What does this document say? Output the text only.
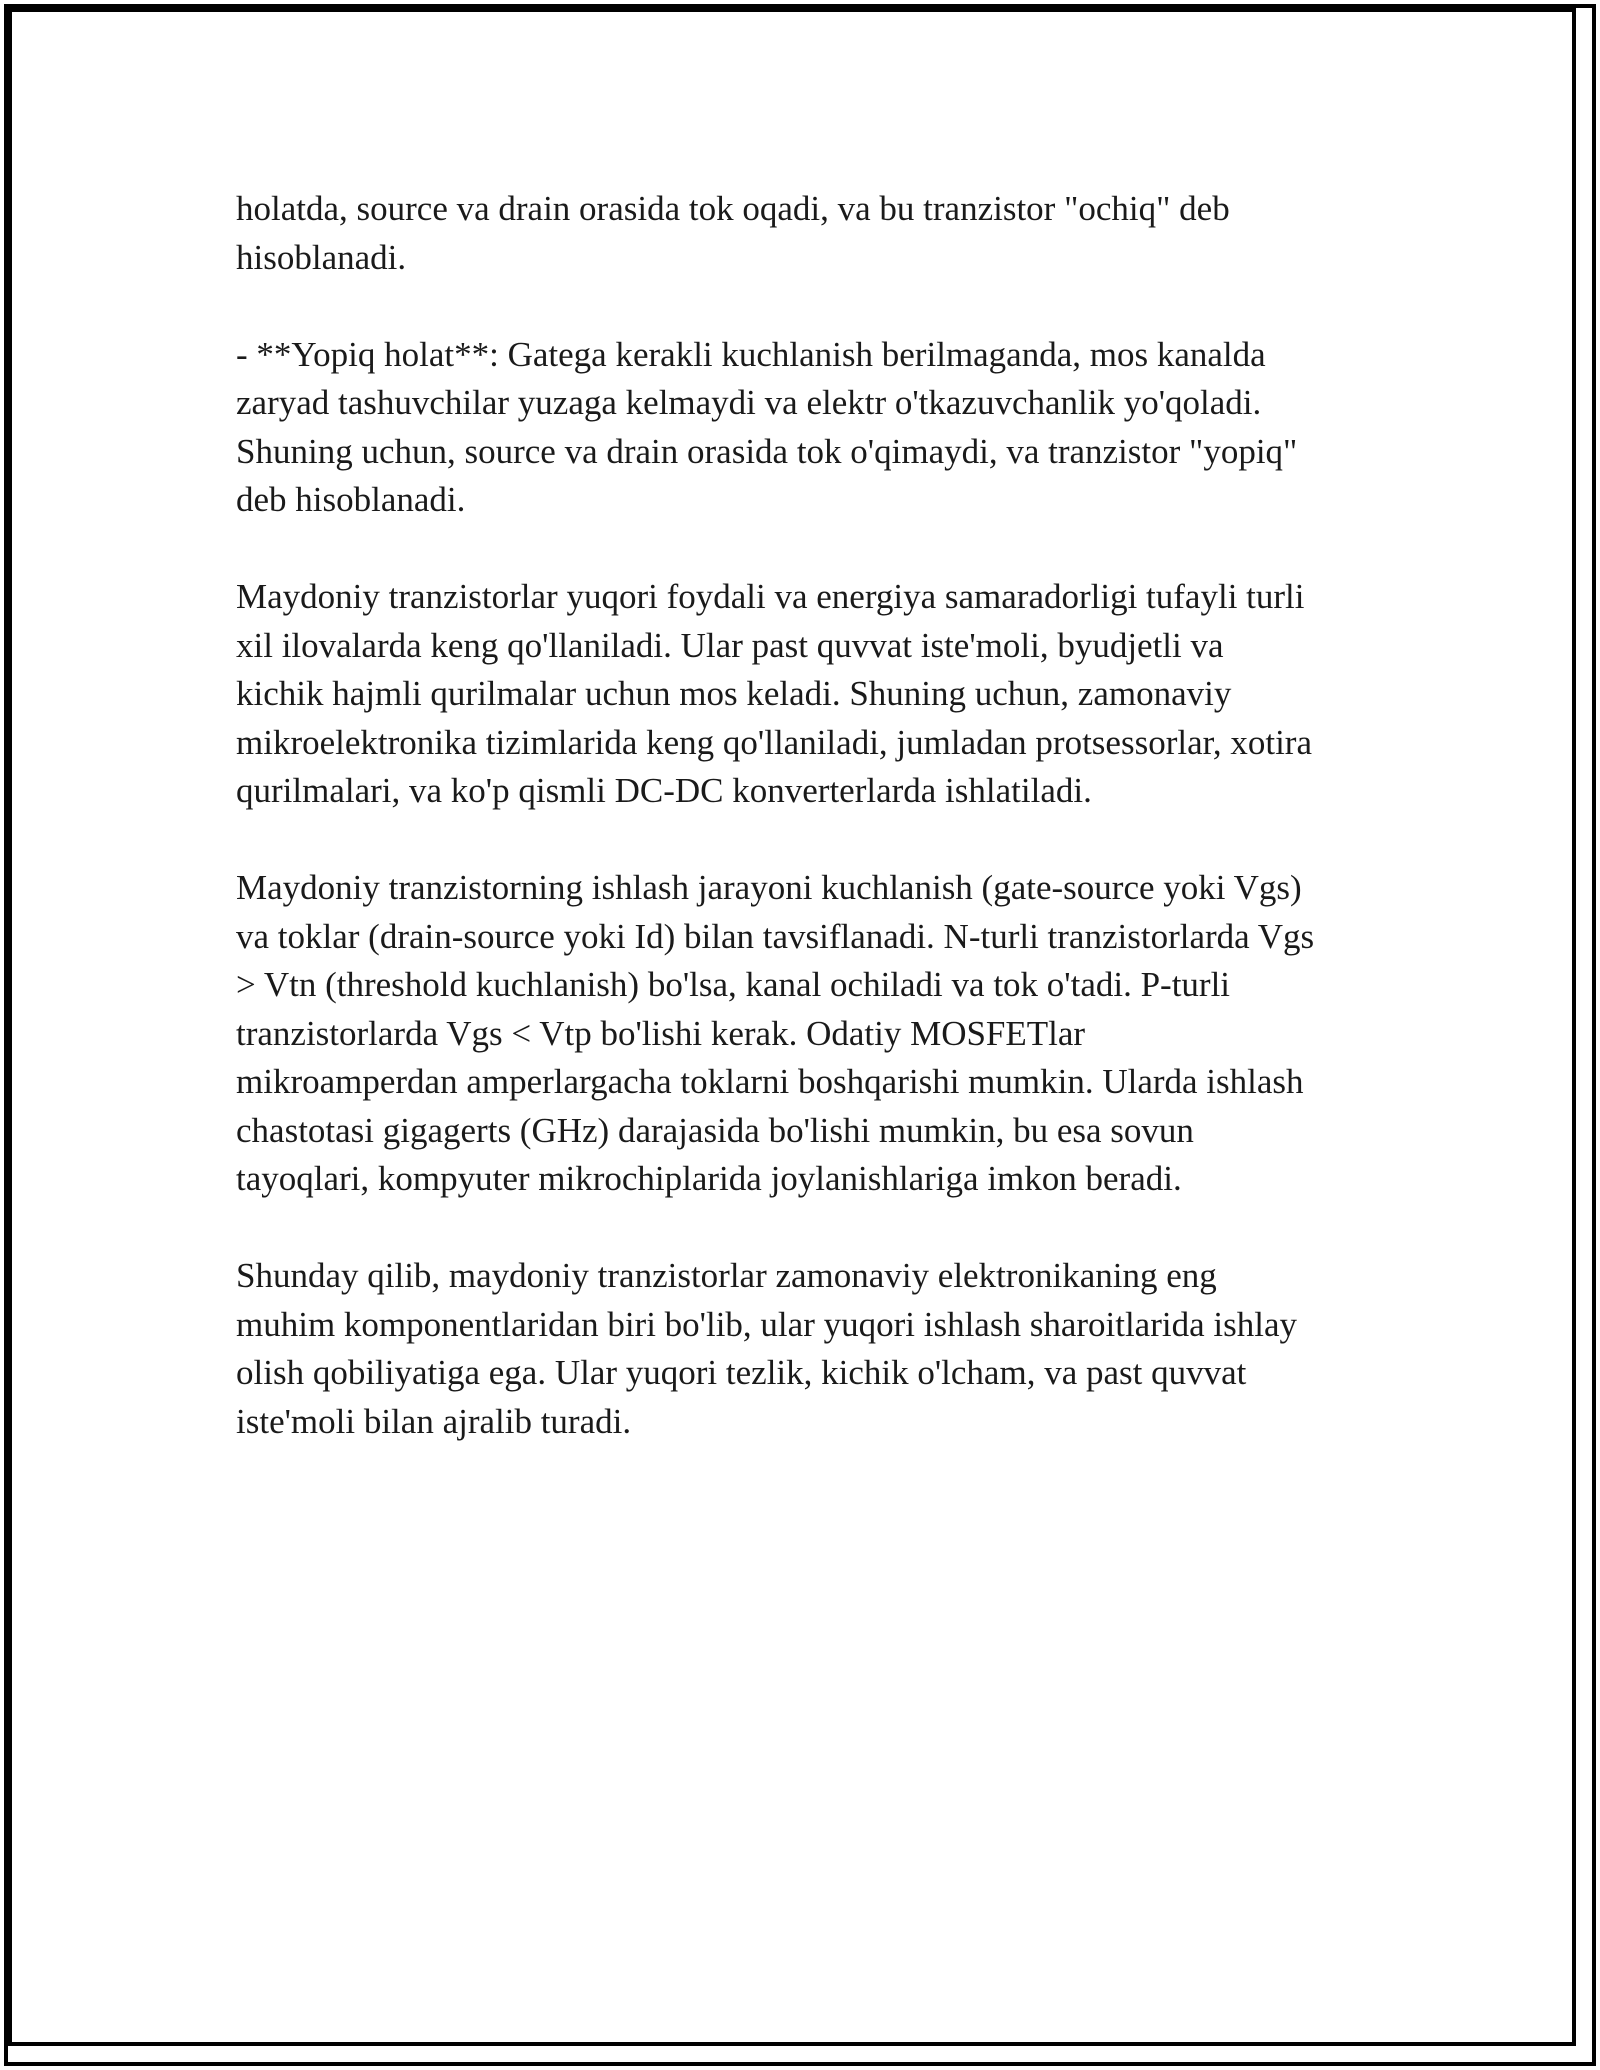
holatda, source va drain orasida tok oqadi, va bu tranzistor "ochiq" deb
hisoblanadi.

- **Yopiq holat**: Gatega kerakli kuchlanish berilmaganda, mos kanalda
zaryad tashuvchilar yuzaga kelmaydi va elektr o'tkazuvchanlik yo'qoladi.
Shuning uchun, source va drain orasida tok o'qimaydi, va tranzistor "yopiq"
deb hisoblanadi.

Maydoniy tranzistorlar yuqori foydali va energiya samaradorligi tufayli turli
xil ilovalarda keng qo'llaniladi. Ular past quvvat iste'moli, byudjetli va
kichik hajmli qurilmalar uchun mos keladi. Shuning uchun, zamonaviy
mikroelektronika tizimlarida keng qo'llaniladi, jumladan protsessorlar, xotira
qurilmalari, va ko'p qismli DC-DC konverterlarda ishlatiladi.

Maydoniy tranzistorning ishlash jarayoni kuchlanish (gate-source yoki Vgs)
va toklar (drain-source yoki Id) bilan tavsiflanadi. N-turli tranzistorlarda Vgs
> Vtn (threshold kuchlanish) bo'lsa, kanal ochiladi va tok o'tadi. P-turli
tranzistorlarda Vgs < Vtp bo'lishi kerak. Odatiy MOSFETlar
mikroamperdan amperlargacha toklarni boshqarishi mumkin. Ularda ishlash
chastotasi gigagerts (GHz) darajasida bo'lishi mumkin, bu esa sovun
tayoqlari, kompyuter mikrochiplarida joylanishlariga imkon beradi.

Shunday qilib, maydoniy tranzistorlar zamonaviy elektronikaning eng
muhim komponentlaridan biri bo'lib, ular yuqori ishlash sharoitlarida ishlay
olish qobiliyatiga ega. Ular yuqori tezlik, kichik o'lcham, va past quvvat
iste'moli bilan ajralib turadi.
